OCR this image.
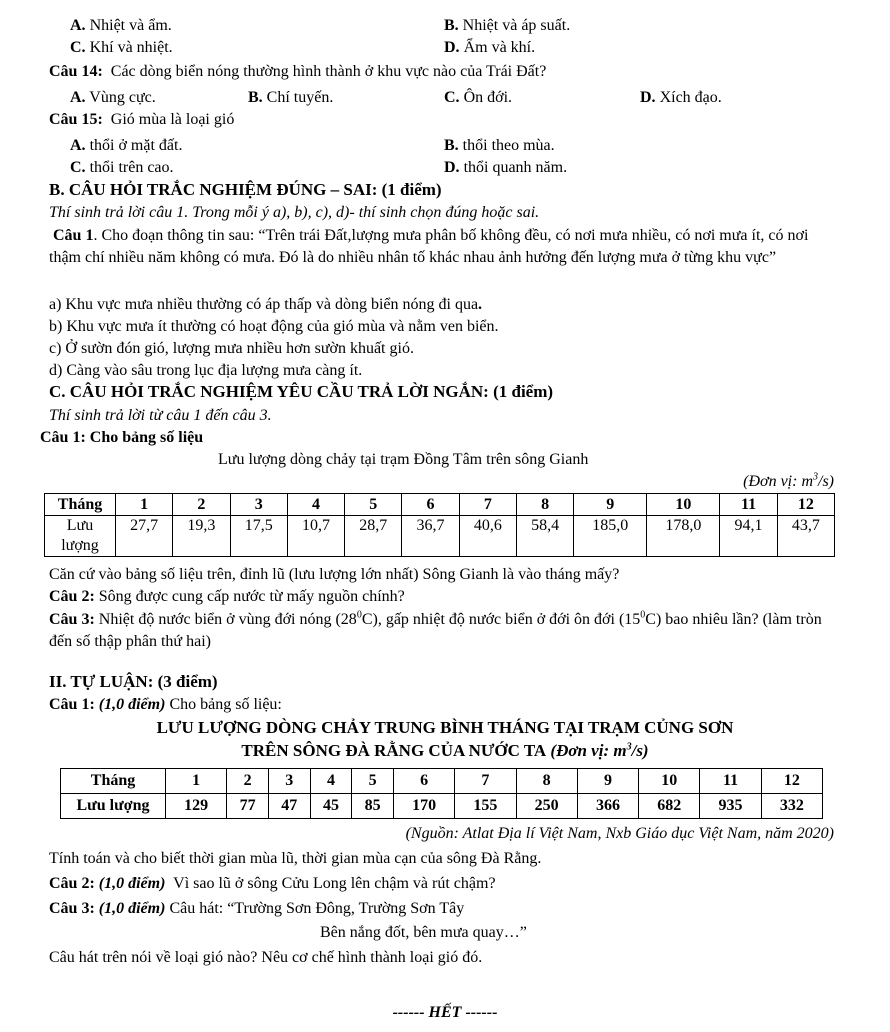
A. Nhiệt và ẩm.	B. Nhiệt và áp suất.
C. Khí và nhiệt.	D. Ẩm và khí.
Câu 14: Các dòng biển nóng thường hình thành ở khu vực nào của Trái Đất?
A. Vùng cực.	B. Chí tuyến.	C. Ôn đới.	D. Xích đạo.
Câu 15: Gió mùa là loại gió
A. thổi ở mặt đất.	B. thổi theo mùa.
C. thổi trên cao.	D. thổi quanh năm.
B. CÂU HỎI TRẮC NGHIỆM ĐÚNG – SAI: (1 điểm)
Thí sinh trả lời câu 1. Trong mỗi ý a), b), c), d)- thí sinh chọn đúng hoặc sai.
Câu 1. Cho đoạn thông tin sau: “Trên trái Đất,lượng mưa phân bố không đều, có nơi mưa nhiều, có nơi mưa ít, có nơi thậm chí nhiều năm không có mưa. Đó là do nhiều nhân tố khác nhau ảnh hưởng đến lượng mưa ở từng khu vực”
a) Khu vực mưa nhiều thường có áp thấp và dòng biển nóng đi qua.
b) Khu vực mưa ít thường có hoạt động của gió mùa và nằm ven biển.
c) Ở sườn đón gió, lượng mưa nhiều hơn sườn khuất gió.
d) Càng vào sâu trong lục địa lượng mưa càng ít.
C. CÂU HỎI TRẮC NGHIỆM YÊU CẦU TRẢ LỜI NGẮN: (1 điểm)
Thí sinh trả lời từ câu 1 đến câu 3.
Câu 1: Cho bảng số liệu
Lưu lượng dòng chảy tại trạm Đồng Tâm trên sông Gianh
(Đơn vị: $m^3/s$)
Tháng	1	2	3	4	5	6	7	8	9	10	11	12
Lưu lượng	27,7	19,3	17,5	10,7	28,7	36,7	40,6	58,4	185,0	178,0	94,1	43,7
Căn cứ vào bảng số liệu trên, đỉnh lũ (lưu lượng lớn nhất) Sông Gianh là vào tháng mấy?
Câu 2: Sông được cung cấp nước từ mấy nguồn chính?
Câu 3: Nhiệt độ nước biển ở vùng đới nóng $(28^0C)$, gấp nhiệt độ nước biển ở đới ôn đới $(15^0C)$ bao nhiêu lần? (làm tròn đến số thập phân thứ hai)
II. TỰ LUẬN: (3 điểm)
Câu 1: (1,0 điểm) Cho bảng số liệu:
LƯU LƯỢNG DÒNG CHẢY TRUNG BÌNH THÁNG TẠI TRẠM CỦNG SƠN
TRÊN SÔNG ĐÀ RẰNG CỦA NƯỚC TA (Đơn vị: $m^3/s$)
Tháng	1	2	3	4	5	6	7	8	9	10	11	12
Lưu lượng	129	77	47	45	85	170	155	250	366	682	935	332
(Nguồn: Atlat Địa lí Việt Nam, Nxb Giáo dục Việt Nam, năm 2020)
Tính toán và cho biết thời gian mùa lũ, thời gian mùa cạn của sông Đà Rằng.
Câu 2: (1,0 điểm) Vì sao lũ ở sông Cửu Long lên chậm và rút chậm?
Câu 3: (1,0 điểm) Câu hát: “Trường Sơn Đông, Trường Sơn Tây
Bên nắng đốt, bên mưa quay…”
Câu hát trên nói về loại gió nào? Nêu cơ chế hình thành loại gió đó.
------ HẾT ------
